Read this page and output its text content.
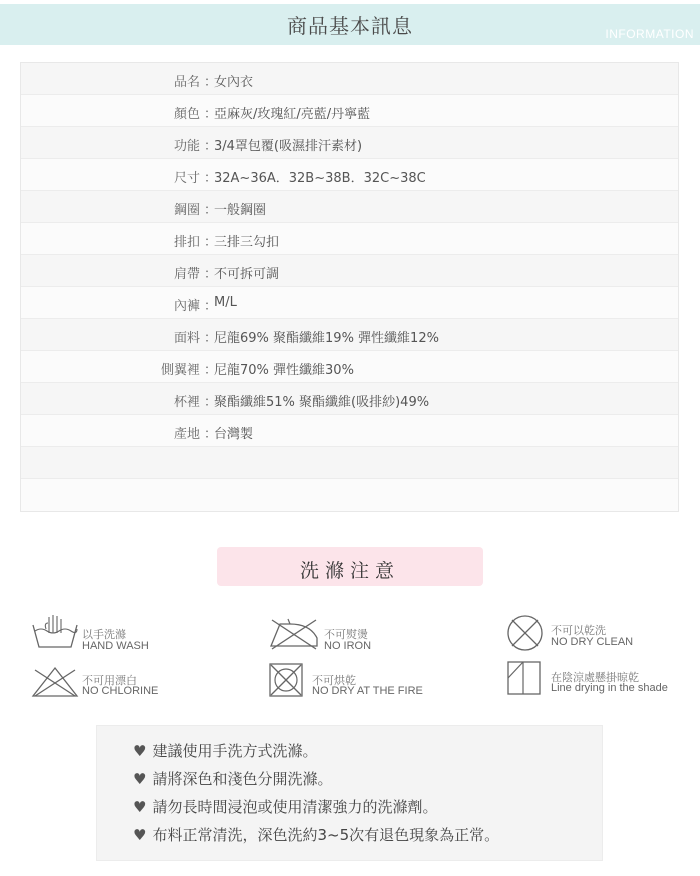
商品基本訊息	INFORMATION
品名 ：
女內衣
顏色 ：
亞麻灰/玫瑰紅/亮藍/丹寧藍
功能 ：
3/4罩包覆(吸濕排汗素材)
尺寸 ：
32A~36A．32B~38B．32C~38C
鋼圈 ：
一般鋼圈
排扣 ：
三排三勾扣
肩帶 ：
不可拆可調
內褲 ：
M/L
面料 ：
尼龍69% 聚酯纖維19% 彈性纖維12%
側翼裡 ：
尼龍70% 彈性纖維30%
杯裡 ：
聚酯纖維51% 聚酯纖維(吸排紗)49%
產地 ：
台灣製
洗滌注意
以手洗滌
HAND WASH
不可熨燙
NO IRON
不可以乾洗
NO DRY CLEAN
不可用漂白
NO CHLORINE
不可烘乾
NO DRY AT THE FIRE
在陰涼處懸掛晾乾
Line drying in the shade
♥ 建議使用手洗方式洗滌。
♥ 請將深色和淺色分開洗滌。
♥ 請勿長時間浸泡或使用清潔強力的洗滌劑。
♥ 布料正常清洗，深色洗約3~5次有退色現象為正常。
